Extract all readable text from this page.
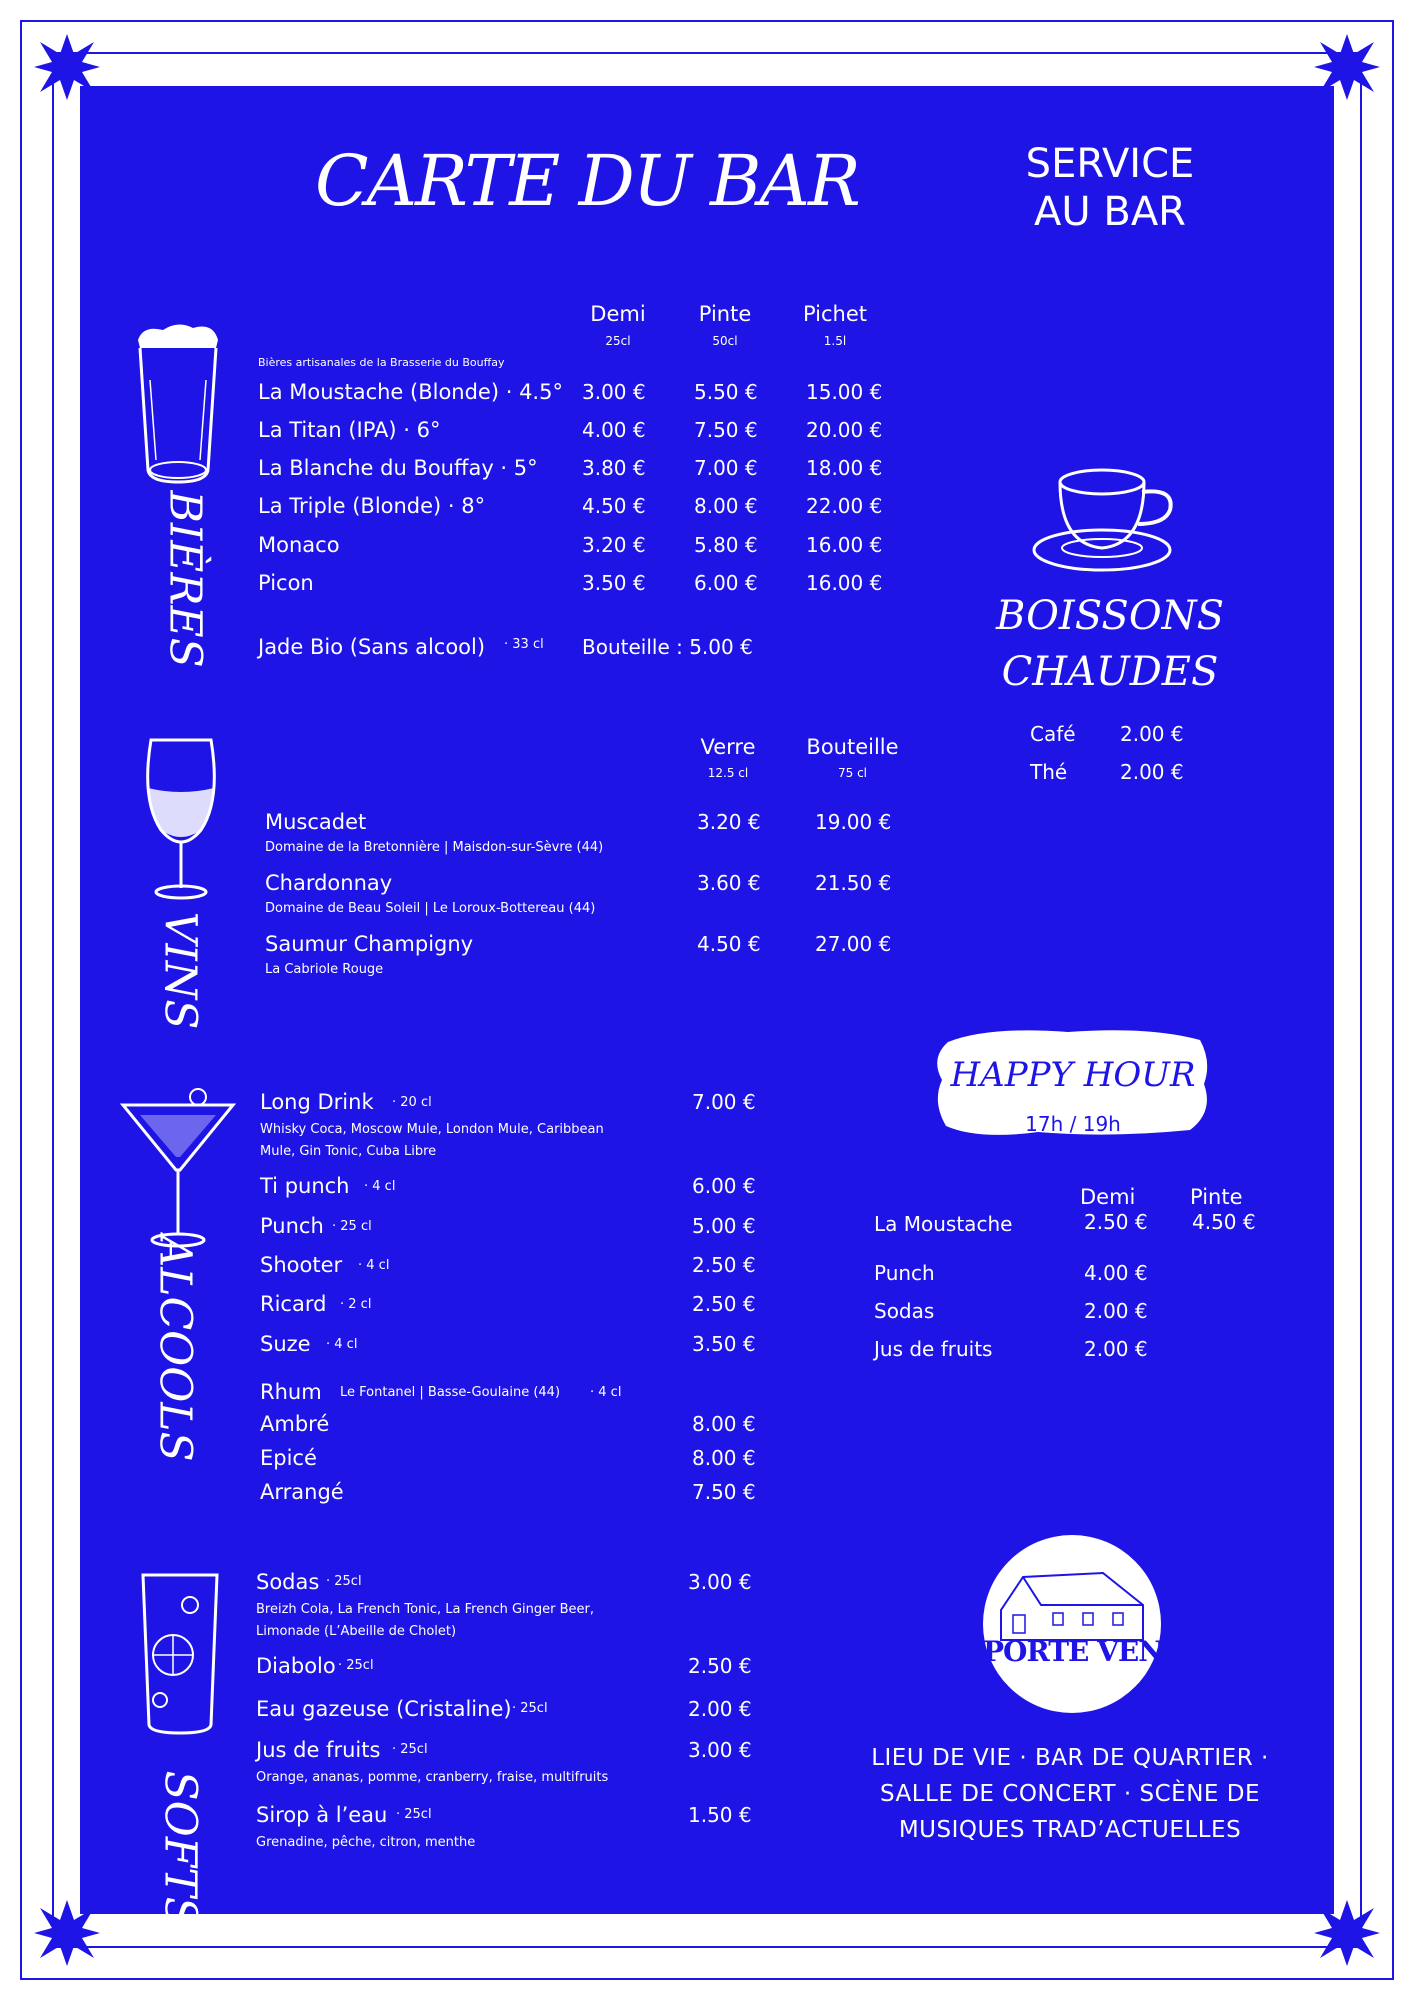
CARTE DU BAR	SERVICE
AU BAR
BIÈRES
Demi
25cl
Pinte
50cl
Pichet
1.5l
Bières artisanales de la Brasserie du Bouffay
La Moustache (Blonde) · 4.5° 3.00 € 5.50 € 15.00 €
La Titan (IPA) · 6°	4.00 € 7.50 € 20.00 €
La Blanche du Bouffay · 5° 3.80 € 7.00 € 18.00 €
La Triple (Blonde) · 8°	4.50 € 8.00 € 22.00 €
Monaco	3.20 € 5.80 € 16.00 €
Picon	3.50 € 6.00 € 16.00 €
Jade Bio (Sans alcool) · 33 cl Bouteille : 5.00 €
VINS
Verre
12.5 cl
Bouteille
75 cl
Muscadet
Domaine de la Bretonnière | Maisdon-sur-Sèvre (44)
3.20 €	19.00 €
Chardonnay
Domaine de Beau Soleil | Le Loroux-Bottereau (44)
3.60 €	21.50 €
Saumur Champigny
La Cabriole Rouge
4.50 €	27.00 €
ALCOOLS
Long Drink · 20 cl
Whisky Coca, Moscow Mule, London Mule, Caribbean
Mule, Gin Tonic, Cuba Libre
7.00 €
Ti punch · 4 cl	6.00 €
Punch · 25 cl	5.00 €
Shooter · 4 cl	2.50 €
Ricard · 2 cl	2.50 €
Suze · 4 cl	3.50 €
Rhum Le Fontanel | Basse-Goulaine (44) · 4 cl
Ambré	8.00 €
Epicé	8.00 €
Arrangé	7.50 €
SOFTS
Sodas · 25cl
Breizh Cola, La French Tonic, La French Ginger Beer,
Limonade (L’Abeille de Cholet)
3.00 €
Diabolo · 25cl	2.50 €
Eau gazeuse (Cristaline) · 25cl	2.00 €
Jus de fruits · 25cl
Orange, ananas, pomme, cranberry, fraise, multifruits
3.00 €
Sirop à l’eau · 25cl
Grenadine, pêche, citron, menthe
1.50 €
BOISSONS
CHAUDES
Café 2.00 €
Thé	2.00 €
· HAPPY HOUR ·
17h / 19h
Demi	Pinte
La Moustache	2.50 € 4.50 €
Punch	4.00 €
Sodas	2.00 €
Jus de fruits	2.00 €
PORTE VENT
LIEU DE VIE · BAR DE QUARTIER ·
SALLE DE CONCERT · SCÈNE DE
MUSIQUES TRAD’ACTUELLES
